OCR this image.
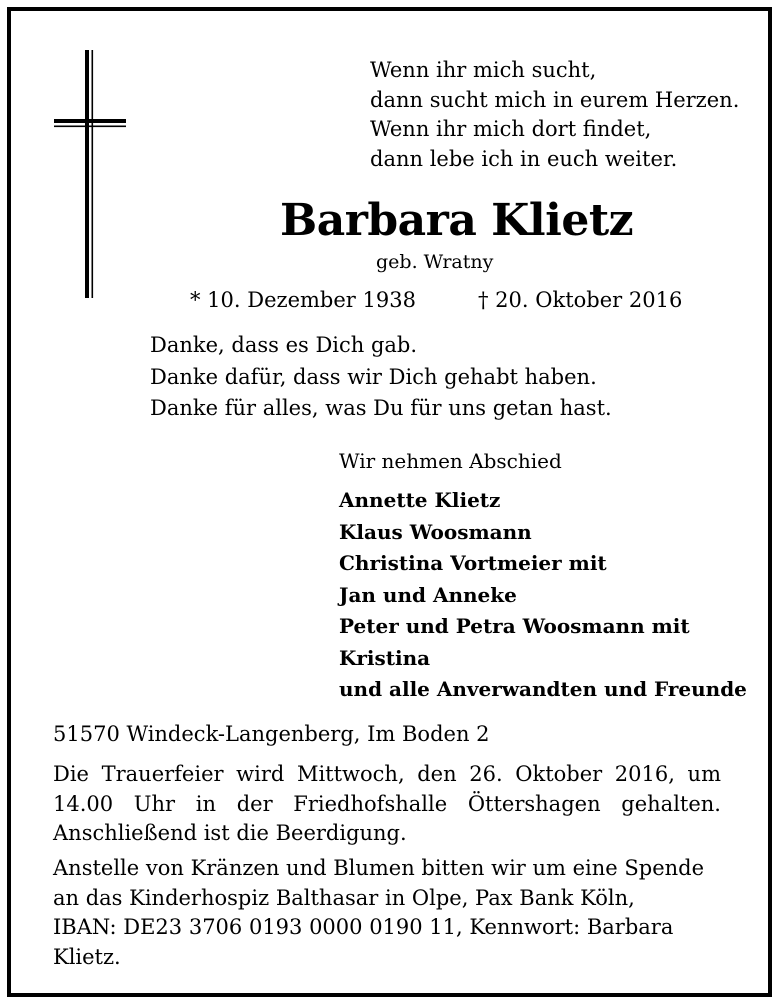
Wenn ihr mich sucht,
dann sucht mich in eurem Herzen.
Wenn ihr mich dort findet,
dann lebe ich in euch weiter.
Barbara Klietz
geb. Wratny
* 10. Dezember 1938	† 20. Oktober 2016
Danke, dass es Dich gab.
Danke dafür, dass wir Dich gehabt haben.
Danke für alles, was Du für uns getan hast.
Wir nehmen Abschied
Annette Klietz
Klaus Woosmann
Christina Vortmeier mit
Jan und Anneke
Peter und Petra Woosmann mit
Kristina
und alle Anverwandten und Freunde
51570 Windeck-Langenberg, Im Boden 2
Die Trauerfeier wird Mittwoch, den 26. Oktober 2016, um 14.00 Uhr in der Friedhofshalle Öttershagen gehalten. Anschließend ist die Beerdigung.
Anstelle von Kränzen und Blumen bitten wir um eine Spende
an das Kinderhospiz Balthasar in Olpe, Pax Bank Köln,
IBAN: DE23 3706 0193 0000 0190 11, Kennwort: Barbara Klietz.
